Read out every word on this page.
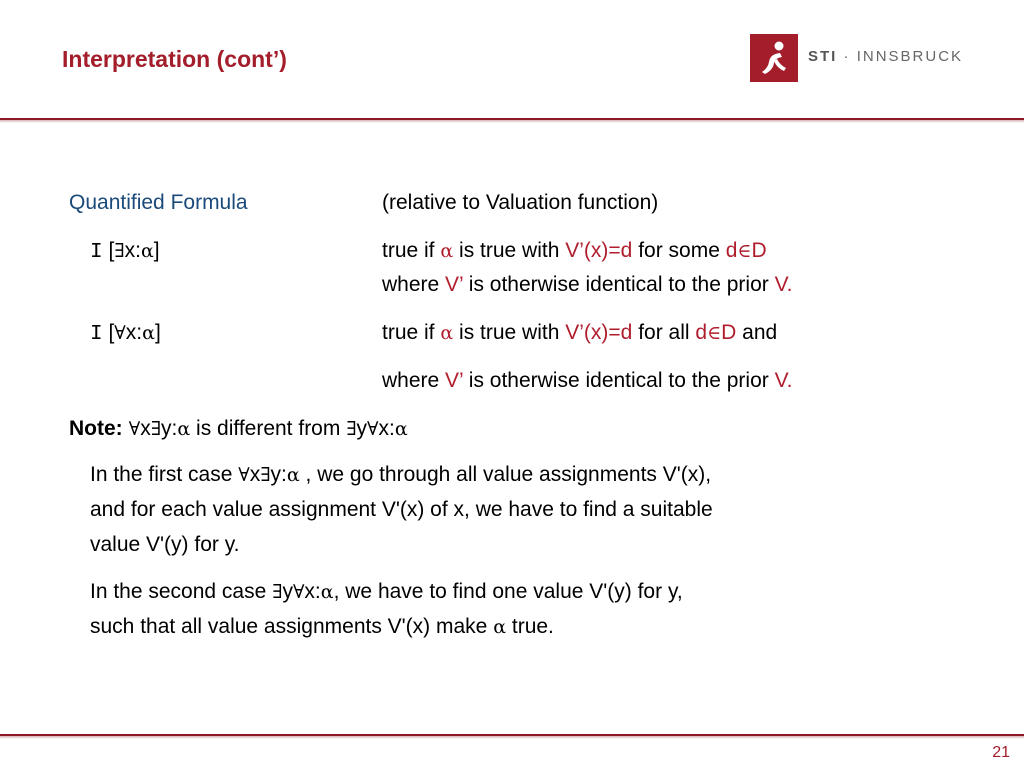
Interpretation (cont’)	STI · INNSBRUCK
Quantified Formula	(relative to Valuation function)
I [∃x:α]	true if α is true with V’(x)=d for some d∈D
where V’ is otherwise identical to the prior V.
I [∀x:α]	true if α is true with V’(x)=d for all d∈D and
where V’ is otherwise identical to the prior V.
Note: ∀x∃y:α is different from ∃y∀x:α
In the first case ∀x∃y:α , we go through all value assignments V'(x),
and for each value assignment V'(x) of x, we have to find a suitable
value V'(y) for y.
In the second case ∃y∀x:α, we have to find one value V'(y) for y,
such that all value assignments V'(x) make α true.
21
